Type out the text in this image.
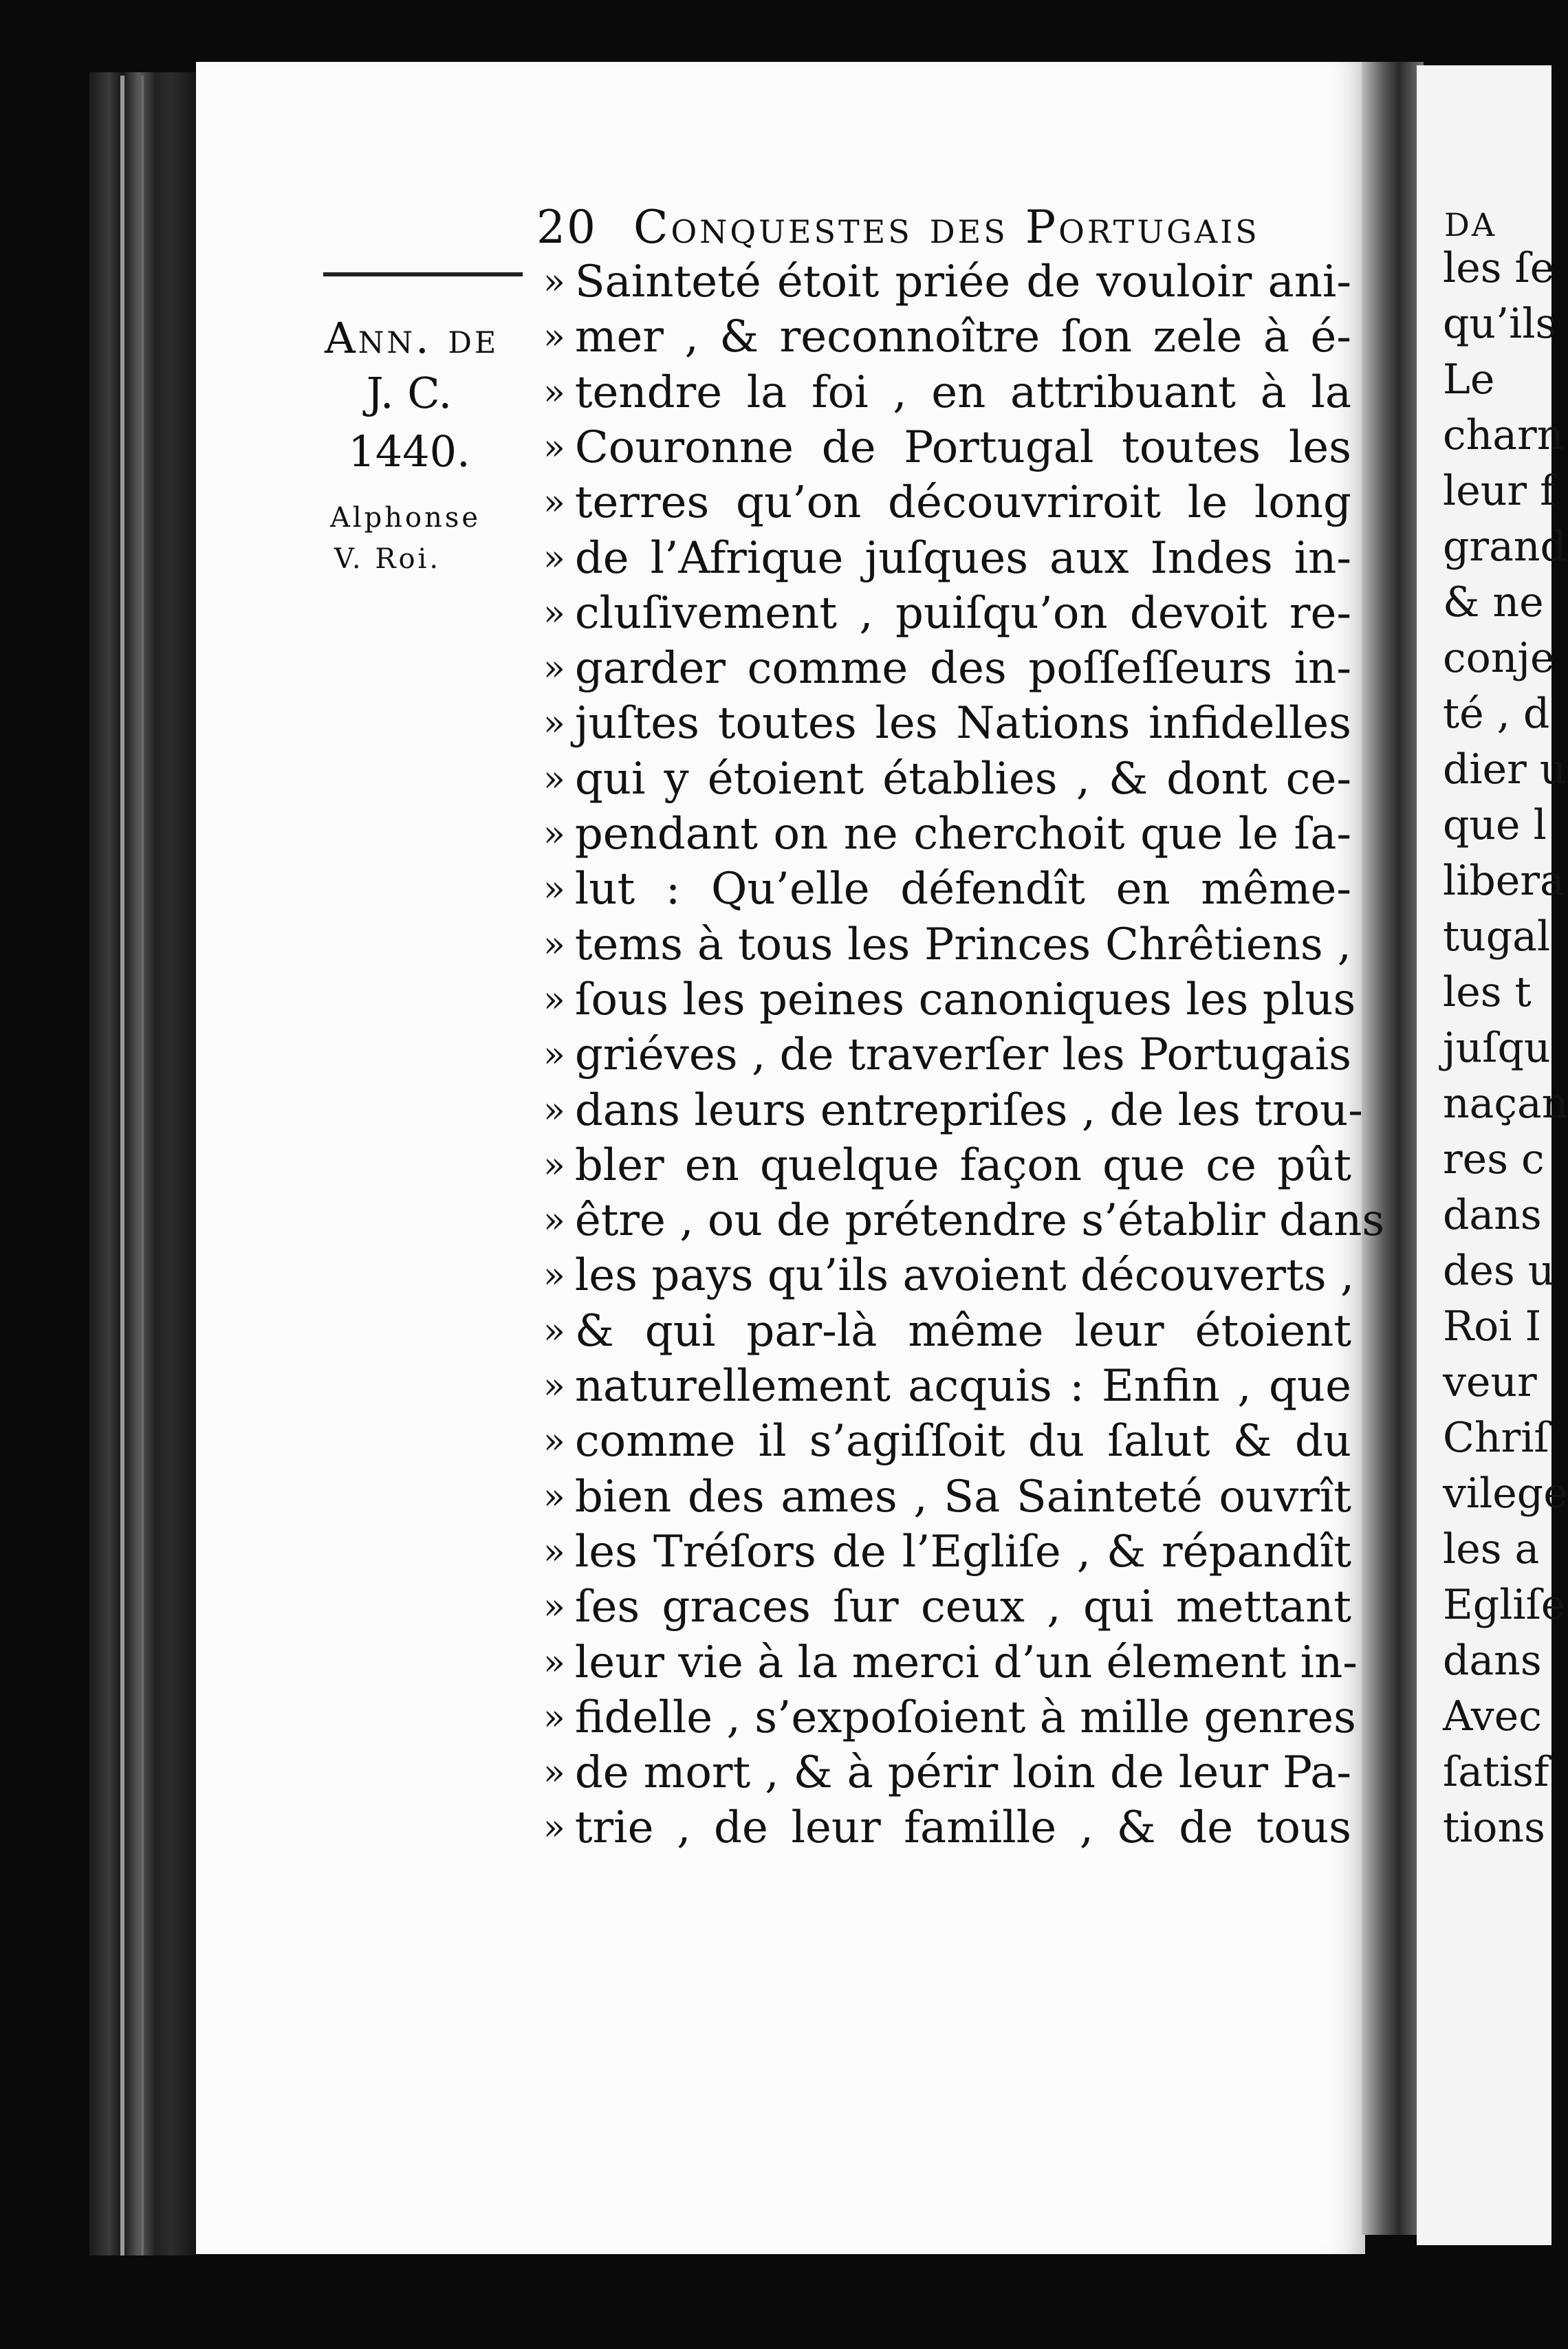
DA
les ſe
qu’ils
Le
charn
leur f
grand
& ne
conje
té , d
dier u
que l
libera
tugal
les t
juſqu
naçan
res c
dans
des u
Roi I
veur
Chriſ
vilege
les a
Egliſe
dans
Avec
ſatisf
tions
20 Conquestes des Portugais
Ann. de
J. C.
1440.
Alphonse
V. Roi.
» Sainteté étoit priée de vouloir ani-
» mer , & reconnoître ſon zele à é-
» tendre la foi , en attribuant à la
» Couronne de Portugal toutes les
» terres qu’on découvriroit le long
» de l’Afrique juſques aux Indes in-
» cluſivement , puiſqu’on devoit re-
» garder comme des poſſeſſeurs in-
» juſtes toutes les Nations infidelles
» qui y étoient établies , & dont ce-
» pendant on ne cherchoit que le ſa-
» lut : Qu’elle défendît en même-
» tems à tous les Princes Chrêtiens ,
» ſous les peines canoniques les plus
» griéves , de traverſer les Portugais
» dans leurs entrepriſes , de les trou-
» bler en quelque façon que ce pût
» être , ou de prétendre s’établir dans
» les pays qu’ils avoient découverts ,
» & qui par-là même leur étoient
» naturellement acquis : Enfin , que
» comme il s’agiſſoit du ſalut & du
» bien des ames , Sa Sainteté ouvrît
» les Tréſors de l’Egliſe , & répandît
» ſes graces ſur ceux , qui mettant
» leur vie à la merci d’un élement in-
» fidelle , s’expoſoient à mille genres
» de mort , & à périr loin de leur Pa-
» trie , de leur famille , & de tous
